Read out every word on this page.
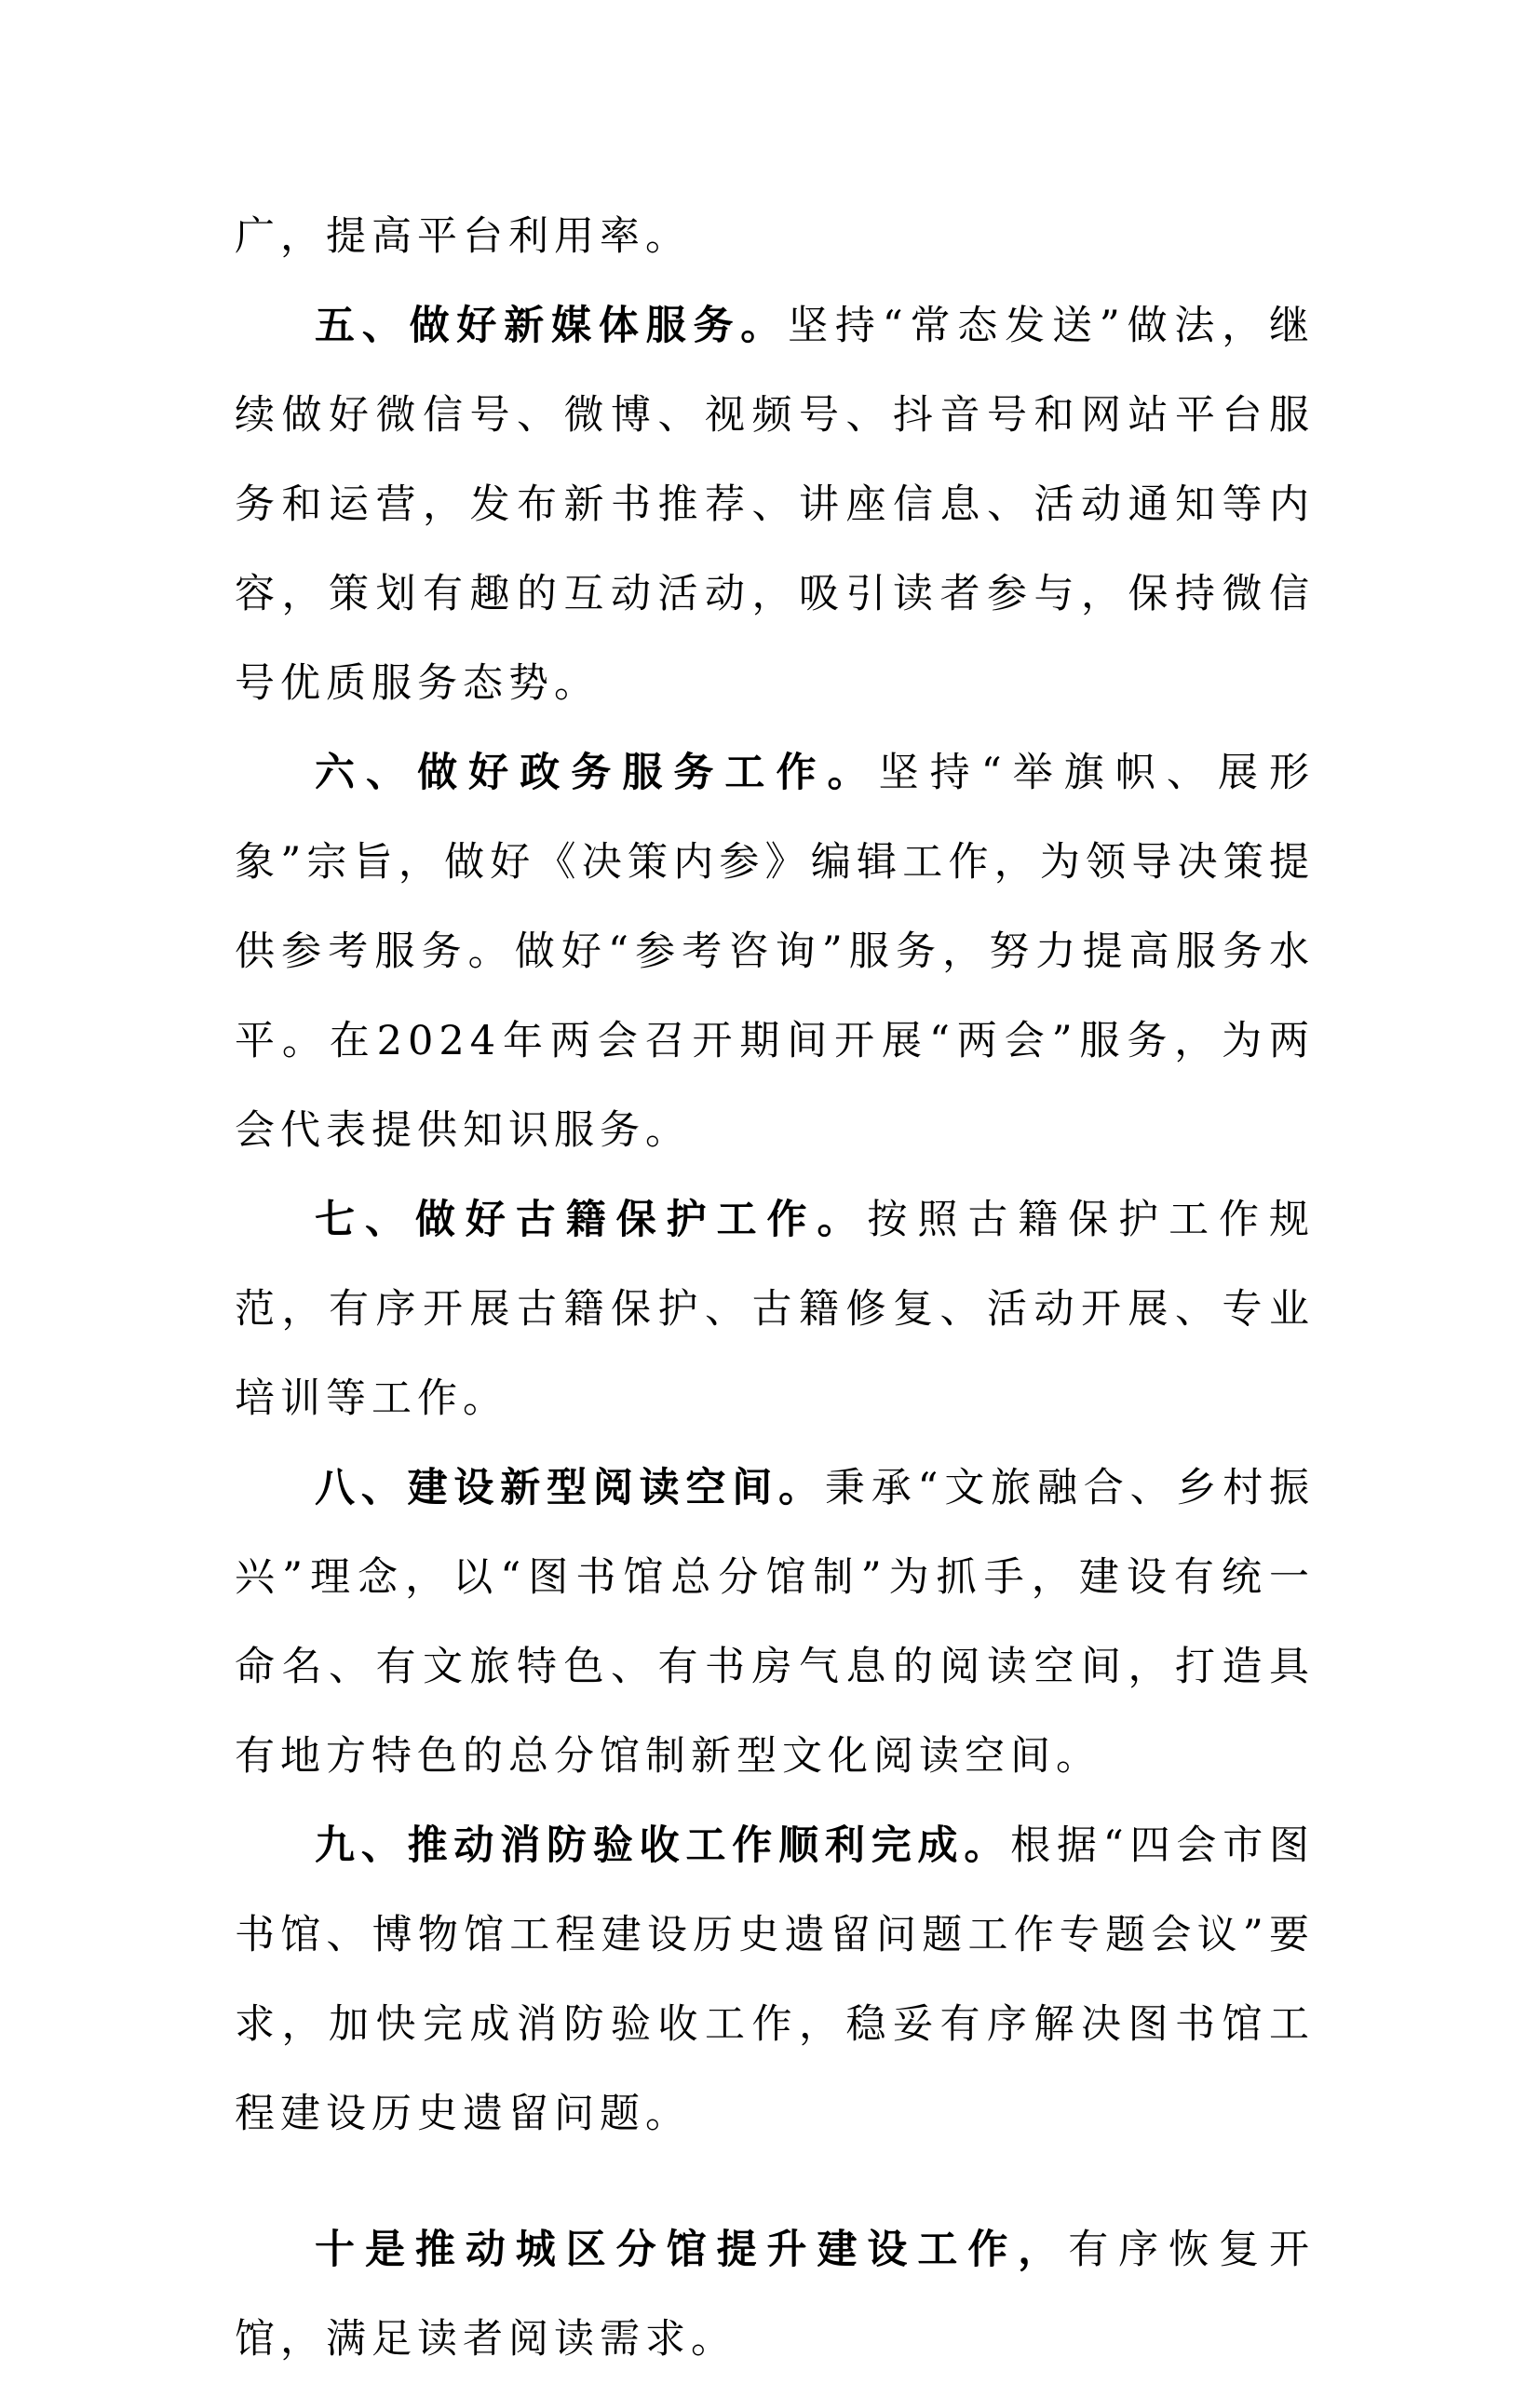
广，提高平台利用率。

五、做好新媒体服务。坚持“常态发送”做法，继续做好微信号、微博、视频号、抖音号和网站平台服务和运营，发布新书推荐、讲座信息、活动通知等内容，策划有趣的互动活动，吸引读者参与，保持微信号优质服务态势。

六、做好政务服务工作。坚持“举旗帜、展形象”宗旨，做好《决策内参》编辑工作，为领导决策提供参考服务。做好“参考咨询”服务，努力提高服务水平。在2024年两会召开期间开展“两会”服务，为两会代表提供知识服务。

七、做好古籍保护工作。按照古籍保护工作规范，有序开展古籍保护、古籍修复、活动开展、专业培训等工作。

八、建设新型阅读空间。秉承“文旅融合、乡村振兴”理念，以“图书馆总分馆制”为抓手，建设有统一命名、有文旅特色、有书房气息的阅读空间，打造具有地方特色的总分馆制新型文化阅读空间。

九、推动消防验收工作顺利完成。根据“四会市图书馆、博物馆工程建设历史遗留问题工作专题会议”要求，加快完成消防验收工作，稳妥有序解决图书馆工程建设历史遗留问题。

十是推动城区分馆提升建设工作，有序恢复开馆，满足读者阅读需求。
